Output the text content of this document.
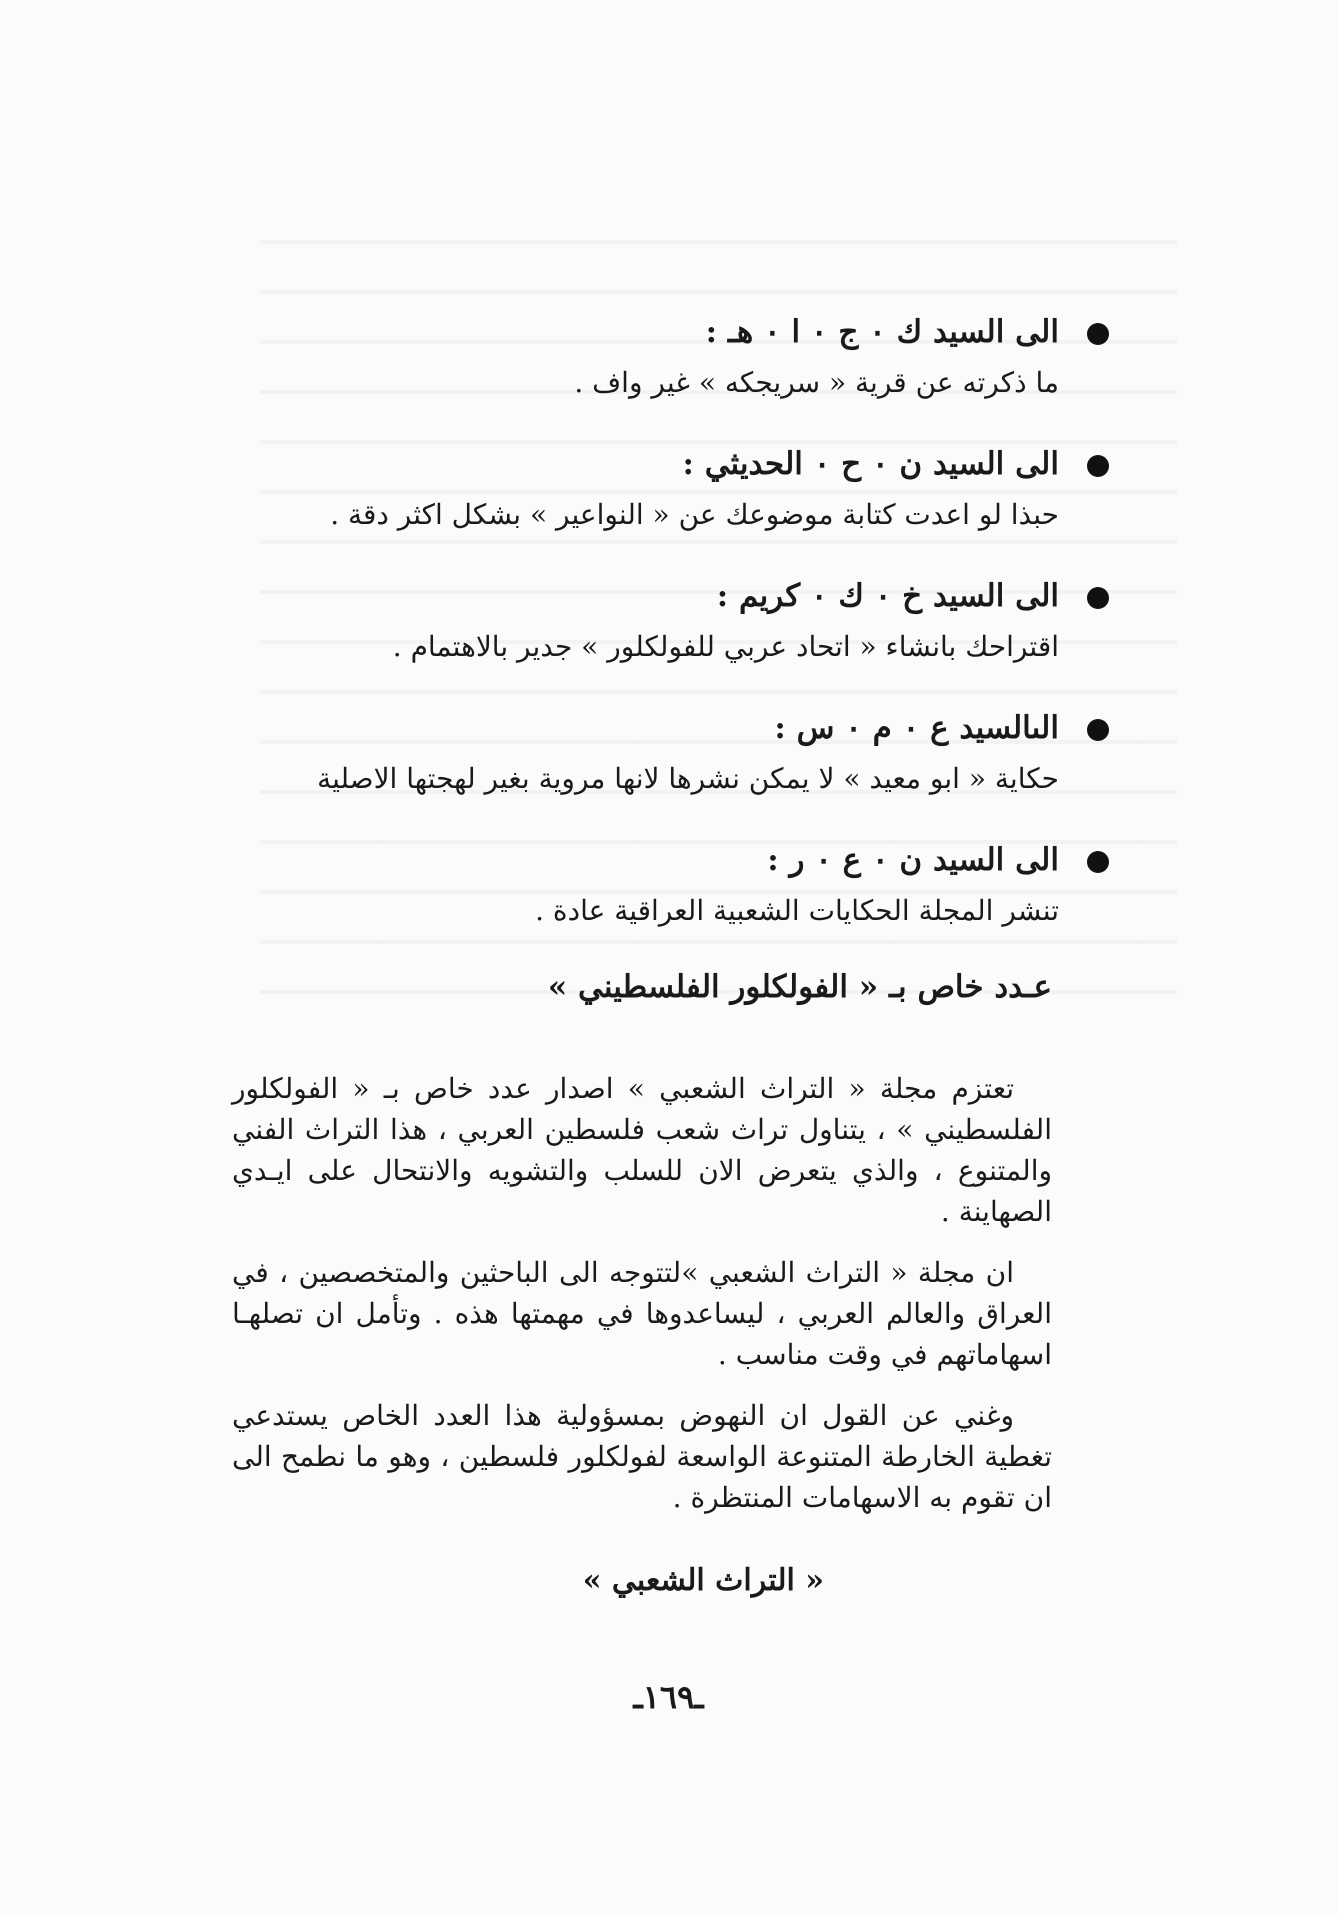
الى السيد ك ٠ ج ٠ ا ٠ هـ :
ما ذكرته عن قرية « سريجكه » غير واف .
الى السيد ن ٠ ح ٠ الحديثي :
حبذا لو اعدت كتابة موضوعك عن « النواعير » بشكل اكثر دقة .
الى السيد خ ٠ ك ٠ كريم :
اقتراحك بانشاء « اتحاد عربي للفولكلور » جدير بالاهتمام .
الىالسيد ع ٠ م ٠ س :
حكاية « ابو معيد » لا يمكن نشرها لانها مروية بغير لهجتها الاصلية
الى السيد ن ٠ ع ٠ ر :
تنشر المجلة الحكايات الشعبية العراقية عادة .
عـدد خاص بـ « الفولكلور الفلسطيني »

تعتزم مجلة « التراث الشعبي » اصدار عدد خاص بـ « الفولكلور الفلسطيني » ، يتناول تراث شعب فلسطين العربي ، هذا التراث الفني والمتنوع ، والذي يتعرض الان للسلب والتشويه والانتحال على ايـدي الصهاينة .

ان مجلة « التراث الشعبي »لتتوجه الى الباحثين والمتخصصين ، في العراق والعالم العربي ، ليساعدوها في مهمتها هذه . وتأمل ان تصلهـا اسهاماتهم في وقت مناسب .

وغني عن القول ان النهوض بمسؤولية هذا العدد الخاص يستدعي تغطية الخارطة المتنوعة الواسعة لفولكلور فلسطين ، وهو ما نطمح الى ان تقوم به الاسهامات المنتظرة .

« التراث الشعبي »
ـ١٦٩ـ
